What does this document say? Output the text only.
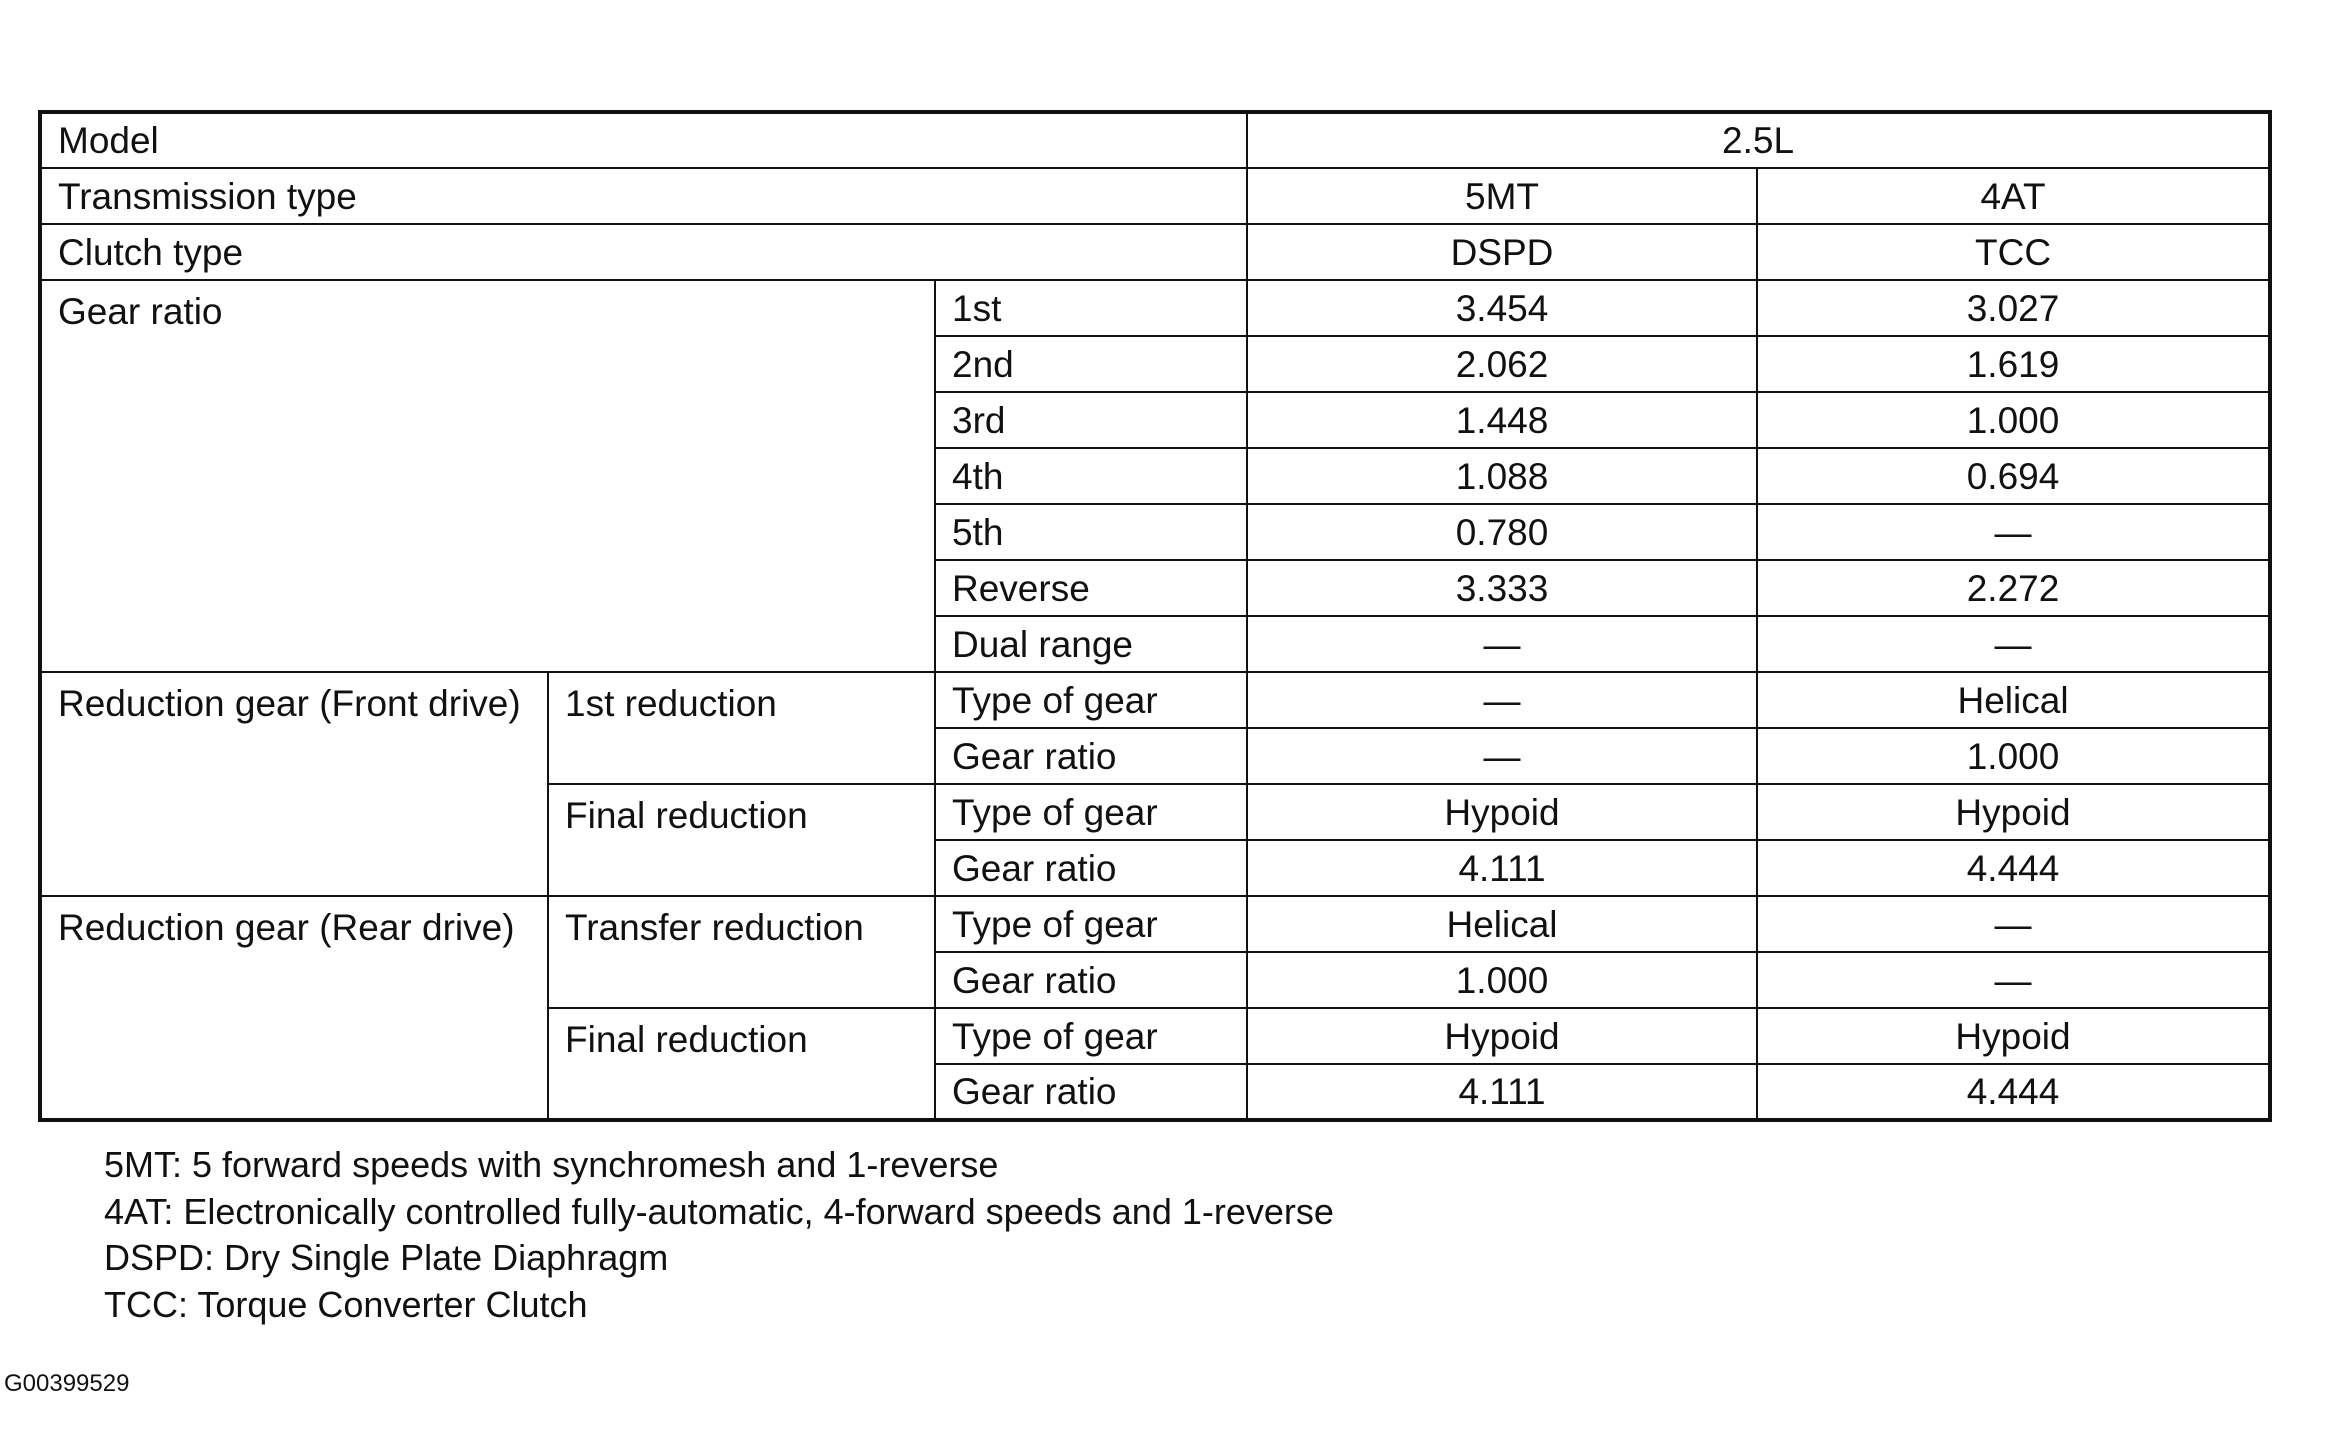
Model			2.5L	
Transmission type			5MT	4AT
Clutch type			DSPD	TCC
Gear ratio		1st	3.454	3.027
		2nd	2.062	1.619
		3rd	1.448	1.000
		4th	1.088	0.694
		5th	0.780	—
		Reverse	3.333	2.272
		Dual range	—	—
Reduction gear (Front drive)	1st reduction	Type of gear	—	Helical
		Gear ratio	—	1.000
	Final reduction	Type of gear	Hypoid	Hypoid
		Gear ratio	4.111	4.444
Reduction gear (Rear drive)	Transfer reduction	Type of gear	Helical	—
		Gear ratio	1.000	—
	Final reduction	Type of gear	Hypoid	Hypoid
		Gear ratio	4.111	4.444
5MT: 5 forward speeds with synchromesh and 1-reverse
4AT: Electronically controlled fully-automatic, 4-forward speeds and 1-reverse
DSPD: Dry Single Plate Diaphragm
TCC: Torque Converter Clutch
G00399529
